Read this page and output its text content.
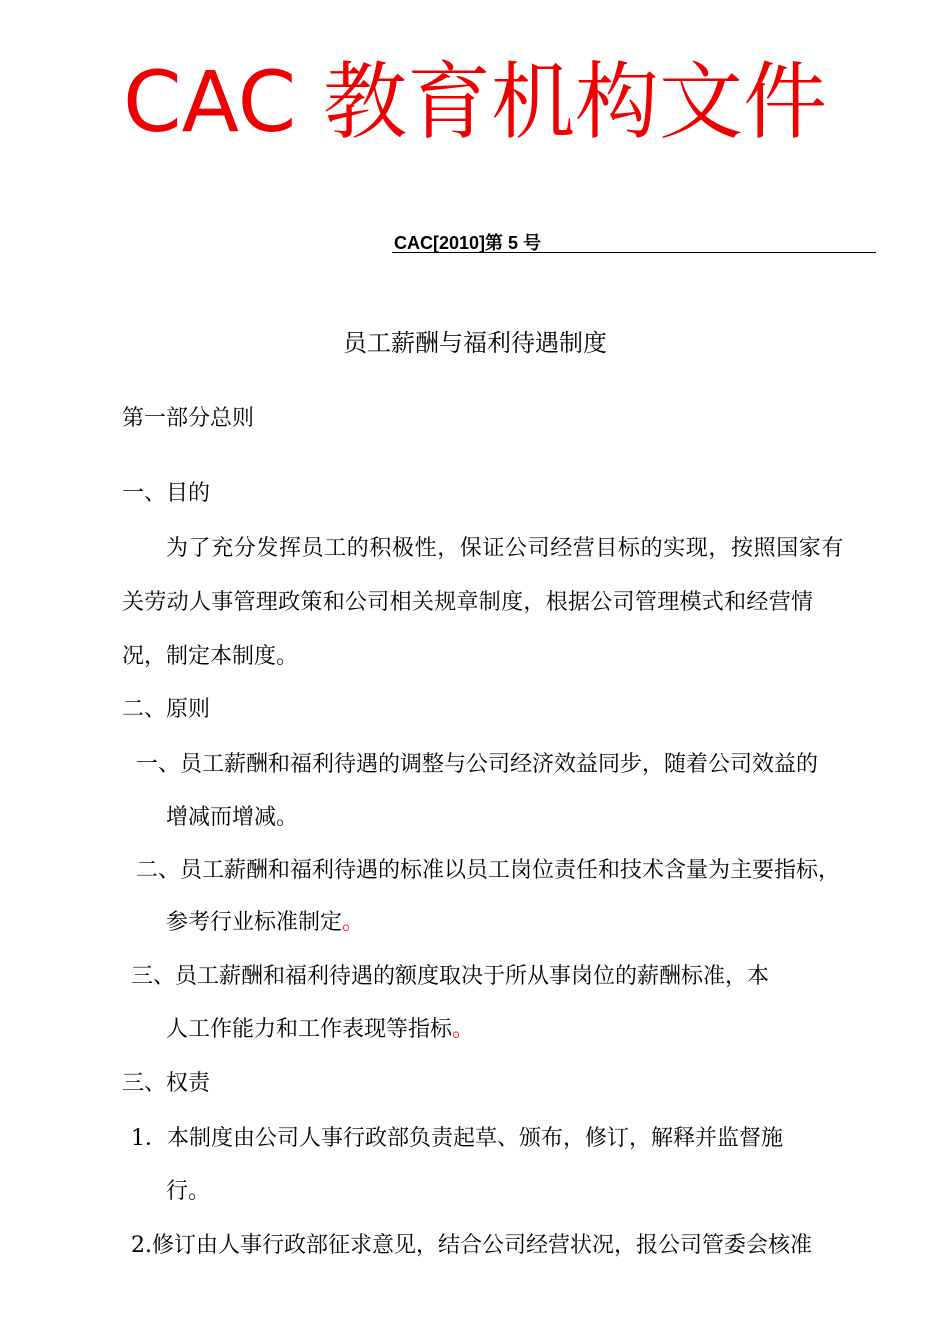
CAC 教育机构文件
CAC[2010]第 5 号
员工薪酬与福利待遇制度
第一部分总则
一、目的
为了充分发挥员工的积极性，保证公司经营目标的实现，按照国家有
关劳动人事管理政策和公司相关规章制度，根据公司管理模式和经营情
况，制定本制度。
二、原则
一、员工薪酬和福利待遇的调整与公司经济效益同步，随着公司效益的
增减而增减。
二、员工薪酬和福利待遇的标准以员工岗位责任和技术含量为主要指标，
参考行业标准制定。
三、员工薪酬和福利待遇的额度取决于所从事岗位的薪酬标准，本
人工作能力和工作表现等指标。
三、权责
1．本制度由公司人事行政部负责起草、颁布，修订，解释并监督施
行。
2.修订由人事行政部征求意见，结合公司经营状况，报公司管委会核准
